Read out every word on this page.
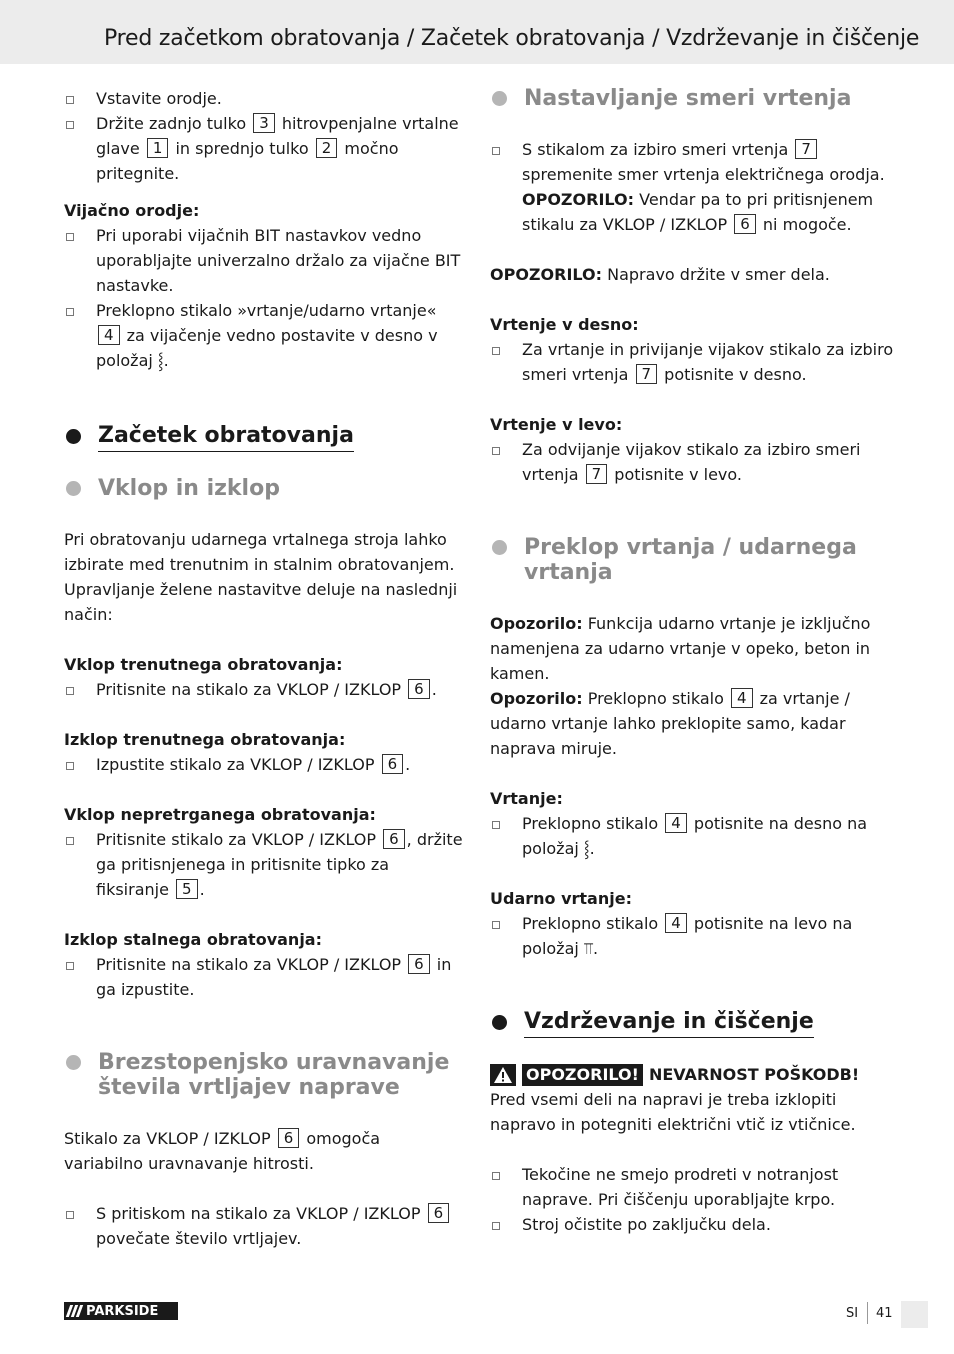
Pred začetkom obratovanja / Začetek obratovanja / Vzdrževanje in čiščenje
Vstavite orodje.
Držite zadnjo tulko 3 hitrovpenjalne vrtalne glave 1 in sprednjo tulko 2 močno pritegnite.
Vijačno orodje:
Pri uporabi vijačnih BIT nastavkov vedno uporabljajte univerzalno držalo za vijačne BIT nastavke.
Preklopno stikalo »vrtanje/udarno vrtanje« 4 za vijačenje vedno postavite v desno v položaj ⸾.
Začetek obratovanja
Vklop in izklop
Pri obratovanju udarnega vrtalnega stroja lahko izbirate med trenutnim in stalnim obratovanjem. Upravljanje želene nastavitve deluje na naslednji način:
Vklop trenutnega obratovanja:
Pritisnite na stikalo za VKLOP / IZKLOP 6 .
Izklop trenutnega obratovanja:
Izpustite stikalo za VKLOP / IZKLOP 6 .
Vklop nepretrganega obratovanja:
Pritisnite stikalo za VKLOP / IZKLOP 6 , držite ga pritisnjenega in pritisnite tipko za fiksiranje 5 .
Izklop stalnega obratovanja:
Pritisnite na stikalo za VKLOP / IZKLOP 6 in ga izpustite.
Brezstopenjsko uravnavanje števila vrtljajev naprave
Stikalo za VKLOP / IZKLOP 6 omogoča variabilno uravnavanje hitrosti.
S pritiskom na stikalo za VKLOP / IZKLOP 6 povečate število vrtljajev.
Nastavljanje smeri vrtenja
S stikalom za izbiro smeri vrtenja 7 spremenite smer vrtenja električnega orodja.
OPOZORILO: Vendar pa to pri pritisnjenem stikalu za VKLOP / IZKLOP 6 ni mogoče.
OPOZORILO: Napravo držite v smer dela.
Vrtenje v desno:
Za vrtanje in privijanje vijakov stikalo za izbiro smeri vrtenja 7 potisnite v desno.
Vrtenje v levo:
Za odvijanje vijakov stikalo za izbiro smeri vrtenja 7 potisnite v levo.
Preklop vrtanja / udarnega vrtanja
Opozorilo: Funkcija udarno vrtanje je izključno namenjena za udarno vrtanje v opeko, beton in kamen.
Opozorilo: Preklopno stikalo 4 za vrtanje / udarno vrtanje lahko preklopite samo, kadar naprava miruje.
Vrtanje:
Preklopno stikalo 4 potisnite na desno na položaj ⸾.
Udarno vrtanje:
Preklopno stikalo 4 potisnite na levo na položaj ⫪.
Vzdrževanje in čiščenje
OPOZORILO! NEVARNOST POŠKODB!
Pred vsemi deli na napravi je treba izklopiti napravo in potegniti električni vtič iz vtičnice.
Tekočine ne smejo prodreti v notranjost naprave. Pri čiščenju uporabljajte krpo.
Stroj očistite po zaključku dela.
PARKSIDE	SI 41
